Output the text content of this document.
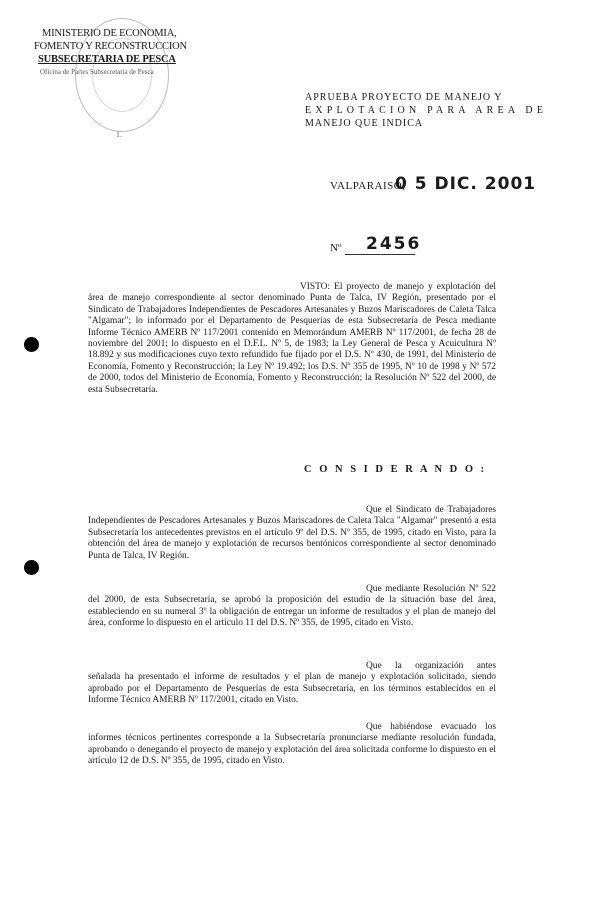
MINISTERIO DE ECONOMIA,
FOMENTO Y RECONSTRUCCION
SUBSECRETARIA DE PESCA
Oficina de Partes Subsecretaria de Pesca
1.
APRUEBA PROYECTO DE MANEJO Y
EXPLOTACION PARA AREA DE
MANEJO QUE INDICA
VALPARAISO,
0 5 DIC. 2001
Nº 2456
VISTO: El proyecto de manejo y explotación del área de manejo correspondiente al sector denominado Punta de Talca, IV Región, presentado por el Sindicato de Trabajadores Independientes de Pescadores Artesanales y Buzos Mariscadores de Caleta Talca "Algamar"; lo informado por el Departamento de Pesquerías de esta Subsecretaría de Pesca mediante Informe Técnico AMERB Nº 117/2001 contenido en Memorándum AMERB Nº 117/2001, de fecha 28 de noviembre del 2001; lo dispuesto en el D.F.L. Nº 5, de 1983; la Ley General de Pesca y Acuicultura Nº 18.892 y sus modificaciones cuyo texto refundido fue fijado por el D.S. Nº 430, de 1991, del Ministerio de Economía, Fomento y Reconstrucción; la Ley Nº 19.492; los D.S. Nº 355 de 1995, Nº 10 de 1998 y Nº 572 de 2000, todos del Ministerio de Economía, Fomento y Reconstrucción; la Resolución Nº 522 del 2000, de esta Subsecretaría.
C O N S I D E R A N D O :
Que el Sindicato de Trabajadores Independientes de Pescadores Artesanales y Buzos Mariscadores de Caleta Talca "Algamar" presentó a esta Subsecretaría los antecedentes previstos en el artículo 9º del D.S. Nº 355, de 1995, citado en Visto, para la obtención del área de manejo y explotación de recursos bentónicos correspondiente al sector denominado Punta de Talca, IV Región.
Que mediante Resolución Nº 522 del 2000, de esta Subsecretaría, se aprobó la proposición del estudio de la situación base del área, estableciendo en su numeral 3º la obligación de entregar un informe de resultados y el plan de manejo del área, conforme lo dispuesto en el artículo 11 del D.S. Nº 355, de 1995, citado en Visto.
Que la organización antes señalada ha presentado el informe de resultados y el plan de manejo y explotación solicitado, siendo aprobado por el Departamento de Pesquerías de esta Subsecretaría, en los términos establecidos en el Informe Técnico AMERB Nº 117/2001, citado en Visto.
Que habiéndose evacuado los informes técnicos pertinentes corresponde a la Subsecretaría pronunciarse mediante resolución fundada, aprobando o denegando el proyecto de manejo y explotación del área solicitada conforme lo dispuesto en el artículo 12 de D.S. Nº 355, de 1995, citado en Visto.
